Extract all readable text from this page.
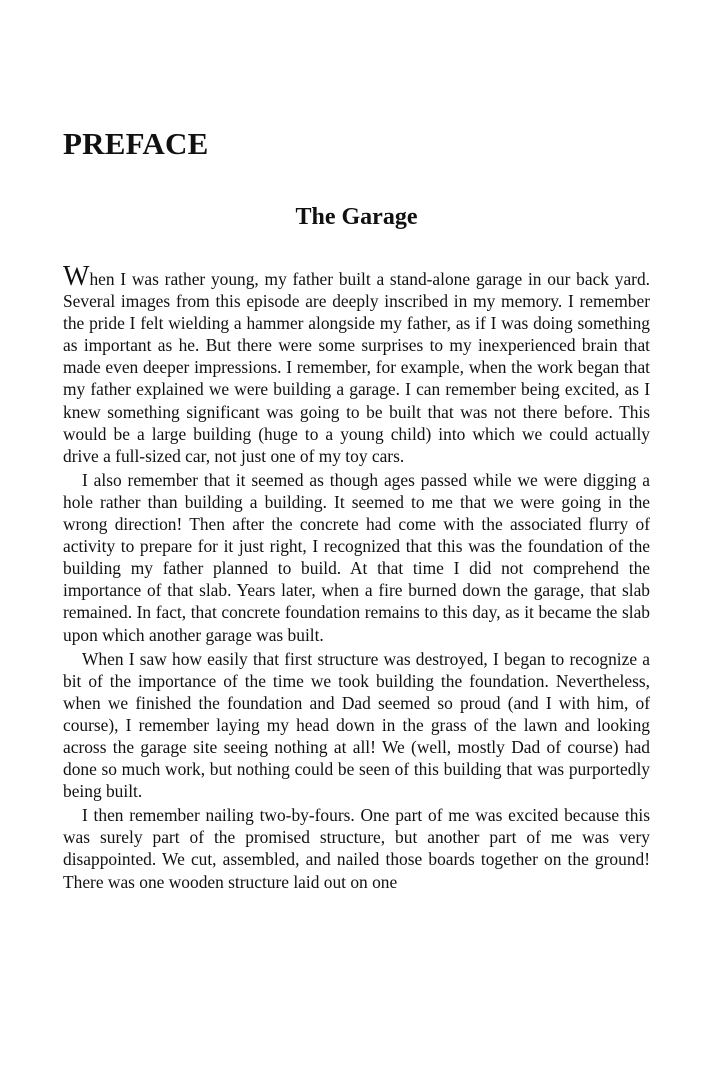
PREFACE
The Garage

When I was rather young, my father built a stand-alone garage in our back yard. Several images from this episode are deeply inscribed in my memory. I remember the pride I felt wielding a hammer alongside my father, as if I was doing something as important as he. But there were some surprises to my inexperienced brain that made even deeper impressions. I remember, for example, when the work began that my father explained we were building a garage. I can remember being excited, as I knew something significant was going to be built that was not there before. This would be a large building (huge to a young child) into which we could actually drive a full-sized car, not just one of my toy cars.

I also remember that it seemed as though ages passed while we were digging a hole rather than building a building. It seemed to me that we were going in the wrong direction! Then after the concrete had come with the associated flurry of activity to prepare for it just right, I recognized that this was the foundation of the building my father planned to build. At that time I did not comprehend the importance of that slab. Years later, when a fire burned down the garage, that slab remained. In fact, that concrete foundation remains to this day, as it became the slab upon which another garage was built.

When I saw how easily that first structure was destroyed, I began to recognize a bit of the importance of the time we took building the foundation. Nevertheless, when we finished the foundation and Dad seemed so proud (and I with him, of course), I remember laying my head down in the grass of the lawn and looking across the garage site seeing nothing at all! We (well, mostly Dad of course) had done so much work, but nothing could be seen of this building that was purportedly being built.

I then remember nailing two-by-fours. One part of me was excited because this was surely part of the promised structure, but another part of me was very disappointed. We cut, assembled, and nailed those boards together on the ground! There was one wooden structure laid out on one
